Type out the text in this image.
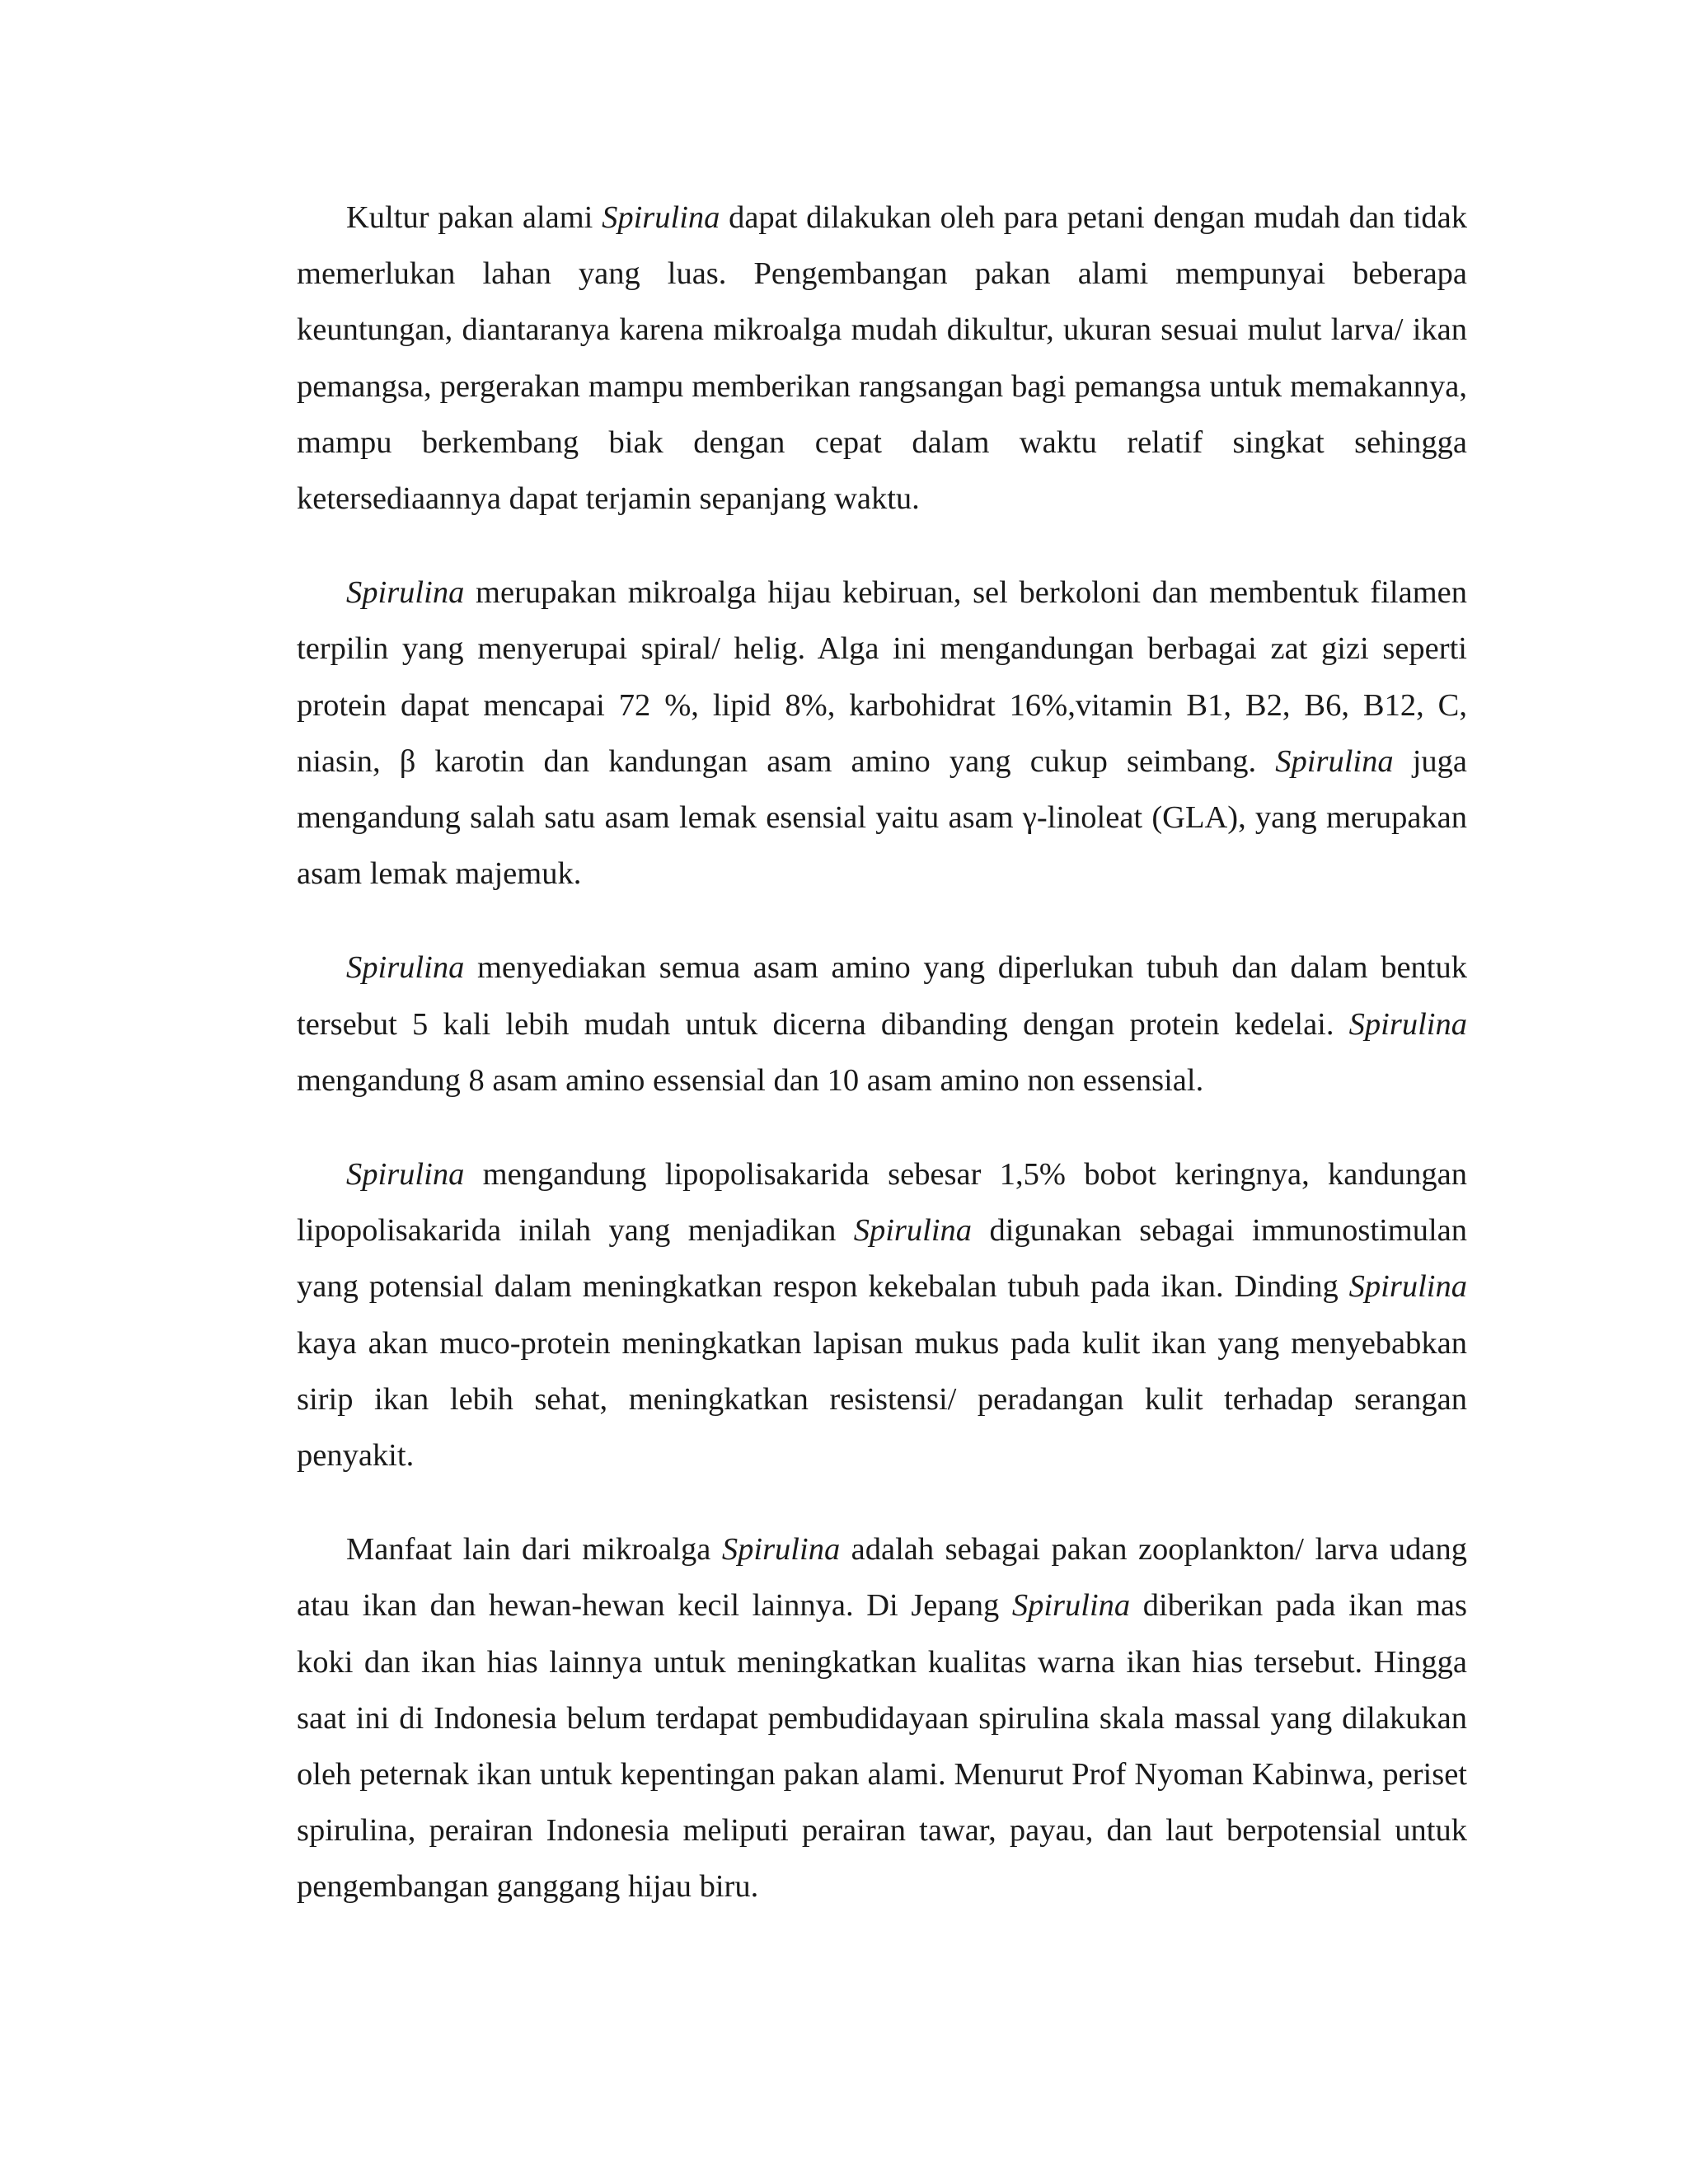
Kultur pakan alami Spirulina dapat dilakukan oleh para petani dengan mudah dan tidak memerlukan lahan yang luas. Pengembangan pakan alami mempunyai beberapa keuntungan, diantaranya karena mikroalga mudah dikultur, ukuran sesuai mulut larva/ ikan pemangsa, pergerakan mampu memberikan rangsangan bagi pemangsa untuk memakannya, mampu berkembang biak dengan cepat dalam waktu relatif singkat sehingga ketersediaannya dapat terjamin sepanjang waktu.

Spirulina merupakan mikroalga hijau kebiruan, sel berkoloni dan membentuk filamen terpilin yang menyerupai spiral/ helig. Alga ini mengandungan berbagai zat gizi seperti protein dapat mencapai 72 %, lipid 8%, karbohidrat 16%,vitamin B1, B2, B6, B12, C, niasin, β karotin dan kandungan asam amino yang cukup seimbang. Spirulina juga mengandung salah satu asam lemak esensial yaitu asam γ-linoleat (GLA), yang merupakan asam lemak majemuk.

Spirulina menyediakan semua asam amino yang diperlukan tubuh dan dalam bentuk tersebut 5 kali lebih mudah untuk dicerna dibanding dengan protein kedelai. Spirulina mengandung 8 asam amino essensial dan 10 asam amino non essensial.

Spirulina mengandung lipopolisakarida sebesar 1,5% bobot keringnya, kandungan lipopolisakarida inilah yang menjadikan Spirulina digunakan sebagai immunostimulan yang potensial dalam meningkatkan respon kekebalan tubuh pada ikan. Dinding Spirulina kaya akan muco-protein meningkatkan lapisan mukus pada kulit ikan yang menyebabkan sirip ikan lebih sehat, meningkatkan resistensi/ peradangan kulit terhadap serangan penyakit.

Manfaat lain dari mikroalga Spirulina adalah sebagai pakan zooplankton/ larva udang atau ikan dan hewan-hewan kecil lainnya. Di Jepang Spirulina diberikan pada ikan mas koki dan ikan hias lainnya untuk meningkatkan kualitas warna ikan hias tersebut. Hingga saat ini di Indonesia belum terdapat pembudidayaan spirulina skala massal yang dilakukan oleh peternak ikan untuk kepentingan pakan alami. Menurut Prof Nyoman Kabinwa, periset spirulina, perairan Indonesia meliputi perairan tawar, payau, dan laut berpotensial untuk pengembangan ganggang hijau biru.
